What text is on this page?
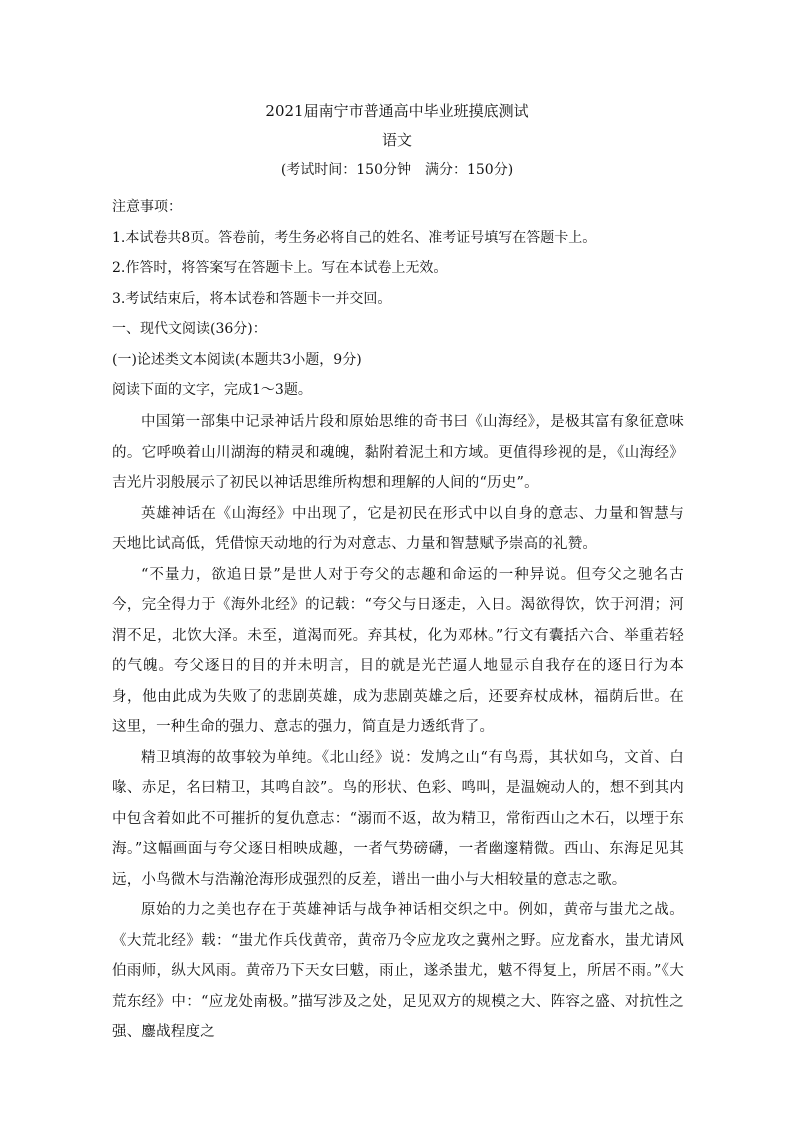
2021届南宁市普通高中毕业班摸底测试
语文
(考试时间：150分钟　满分：150分)
注意事项：
1.本试卷共8页。答卷前，考生务必将自己的姓名、准考证号填写在答题卡上。
2.作答时，将答案写在答题卡上。写在本试卷上无效。
3.考试结束后，将本试卷和答题卡一并交回。
一、现代文阅读(36分)：
(一)论述类文本阅读(本题共3小题，9分)
阅读下面的文字，完成1～3题。

中国第一部集中记录神话片段和原始思维的奇书曰《山海经》，是极其富有象征意味的。它呼唤着山川湖海的精灵和魂魄，黏附着泥土和方域。更值得珍视的是，《山海经》吉光片羽般展示了初民以神话思维所构想和理解的人间的“历史”。

英雄神话在《山海经》中出现了，它是初民在形式中以自身的意志、力量和智慧与天地比试高低，凭借惊天动地的行为对意志、力量和智慧赋予崇高的礼赞。

“不量力，欲追日景”是世人对于夸父的志趣和命运的一种异说。但夸父之驰名古今，完全得力于《海外北经》的记载：“夸父与日逐走，入日。渴欲得饮，饮于河渭；河渭不足，北饮大泽。未至，道渴而死。弃其杖，化为邓林。”行文有囊括六合、举重若轻的气魄。夸父逐日的目的并未明言，目的就是光芒逼人地显示自我存在的逐日行为本身，他由此成为失败了的悲剧英雄，成为悲剧英雄之后，还要弃杖成林，福荫后世。在这里，一种生命的强力、意志的强力，简直是力透纸背了。

精卫填海的故事较为单纯。《北山经》说：发鸠之山“有鸟焉，其状如乌，文首、白喙、赤足，名曰精卫，其鸣自詨”。鸟的形状、色彩、鸣叫，是温婉动人的，想不到其内中包含着如此不可摧折的复仇意志：“溺而不返，故为精卫，常衔西山之木石，以堙于东海。”这幅画面与夸父逐日相映成趣，一者气势磅礴，一者幽邃精微。西山、东海足见其远，小鸟微木与浩瀚沧海形成强烈的反差，谱出一曲小与大相较量的意志之歌。

原始的力之美也存在于英雄神话与战争神话相交织之中。例如，黄帝与蚩尤之战。《大荒北经》载：“蚩尤作兵伐黄帝，黄帝乃令应龙攻之冀州之野。应龙畜水，蚩尤请风伯雨师，纵大风雨。黄帝乃下天女曰魃，雨止，遂杀蚩尤，魃不得复上，所居不雨。”《大荒东经》中：“应龙处南极。”描写涉及之处，足见双方的规模之大、阵容之盛、对抗性之强、鏖战程度之
